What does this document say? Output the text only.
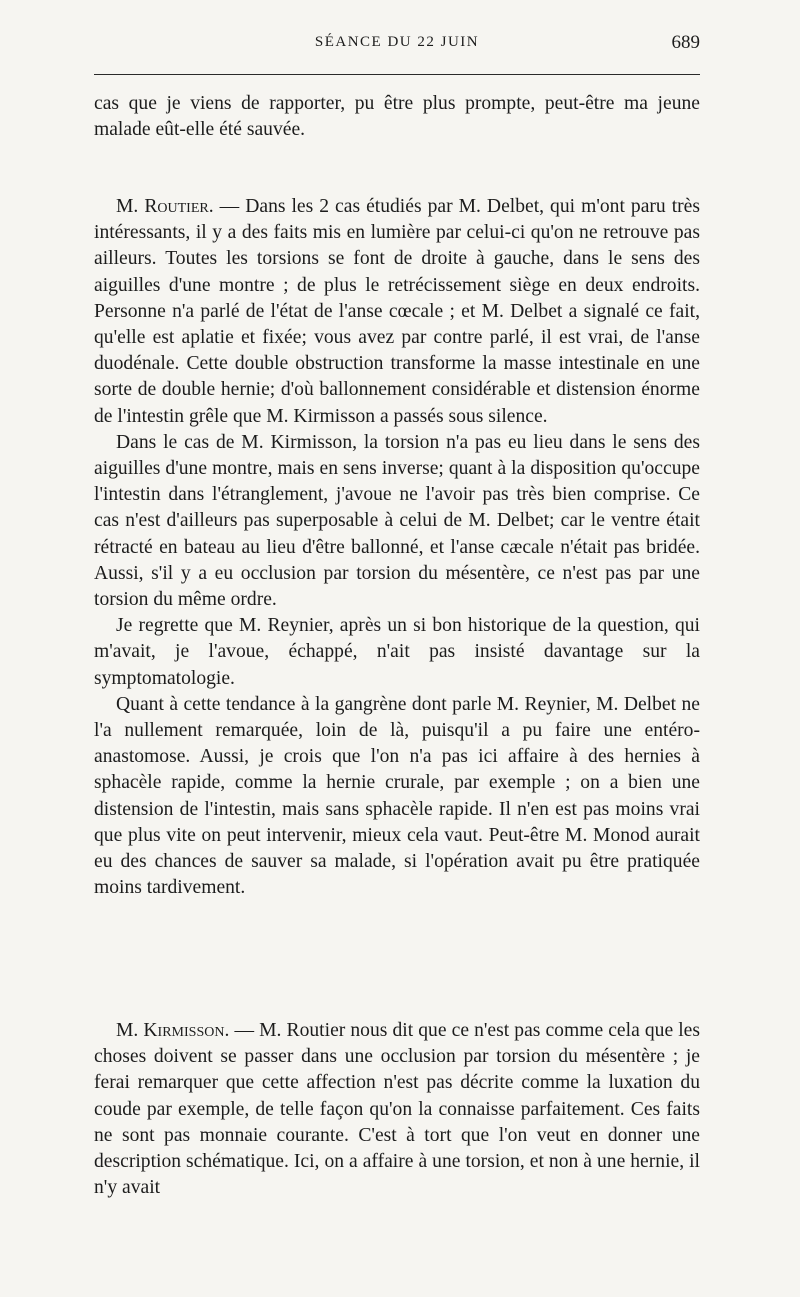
SÉANCE DU 22 JUIN	689

cas que je viens de rapporter, pu être plus prompte, peut-être ma jeune malade eût-elle été sauvée.

M. Routier. — Dans les 2 cas étudiés par M. Delbet, qui m'ont paru très intéressants, il y a des faits mis en lumière par celui-ci qu'on ne retrouve pas ailleurs. Toutes les torsions se font de droite à gauche, dans le sens des aiguilles d'une montre ; de plus le retrécissement siège en deux endroits. Personne n'a parlé de l'état de l'anse cœcale ; et M. Delbet a signalé ce fait, qu'elle est aplatie et fixée; vous avez par contre parlé, il est vrai, de l'anse duodénale. Cette double obstruction transforme la masse intestinale en une sorte de double hernie; d'où ballonnement considérable et distension énorme de l'intestin grêle que M. Kirmisson a passés sous silence.

Dans le cas de M. Kirmisson, la torsion n'a pas eu lieu dans le sens des aiguilles d'une montre, mais en sens inverse; quant à la disposition qu'occupe l'intestin dans l'étranglement, j'avoue ne l'avoir pas très bien comprise. Ce cas n'est d'ailleurs pas superposable à celui de M. Delbet; car le ventre était rétracté en bateau au lieu d'être ballonné, et l'anse cæcale n'était pas bridée. Aussi, s'il y a eu occlusion par torsion du mésentère, ce n'est pas par une torsion du même ordre.

Je regrette que M. Reynier, après un si bon historique de la question, qui m'avait, je l'avoue, échappé, n'ait pas insisté davantage sur la symptomatologie.

Quant à cette tendance à la gangrène dont parle M. Reynier, M. Delbet ne l'a nullement remarquée, loin de là, puisqu'il a pu faire une entéro-anastomose. Aussi, je crois que l'on n'a pas ici affaire à des hernies à sphacèle rapide, comme la hernie crurale, par exemple ; on a bien une distension de l'intestin, mais sans sphacèle rapide. Il n'en est pas moins vrai que plus vite on peut intervenir, mieux cela vaut. Peut-être M. Monod aurait eu des chances de sauver sa malade, si l'opération avait pu être pratiquée moins tardivement.

M. Kirmisson. — M. Routier nous dit que ce n'est pas comme cela que les choses doivent se passer dans une occlusion par torsion du mésentère ; je ferai remarquer que cette affection n'est pas décrite comme la luxation du coude par exemple, de telle façon qu'on la connaisse parfaitement. Ces faits ne sont pas monnaie courante. C'est à tort que l'on veut en donner une description schématique. Ici, on a affaire à une torsion, et non à une hernie, il n'y avait
